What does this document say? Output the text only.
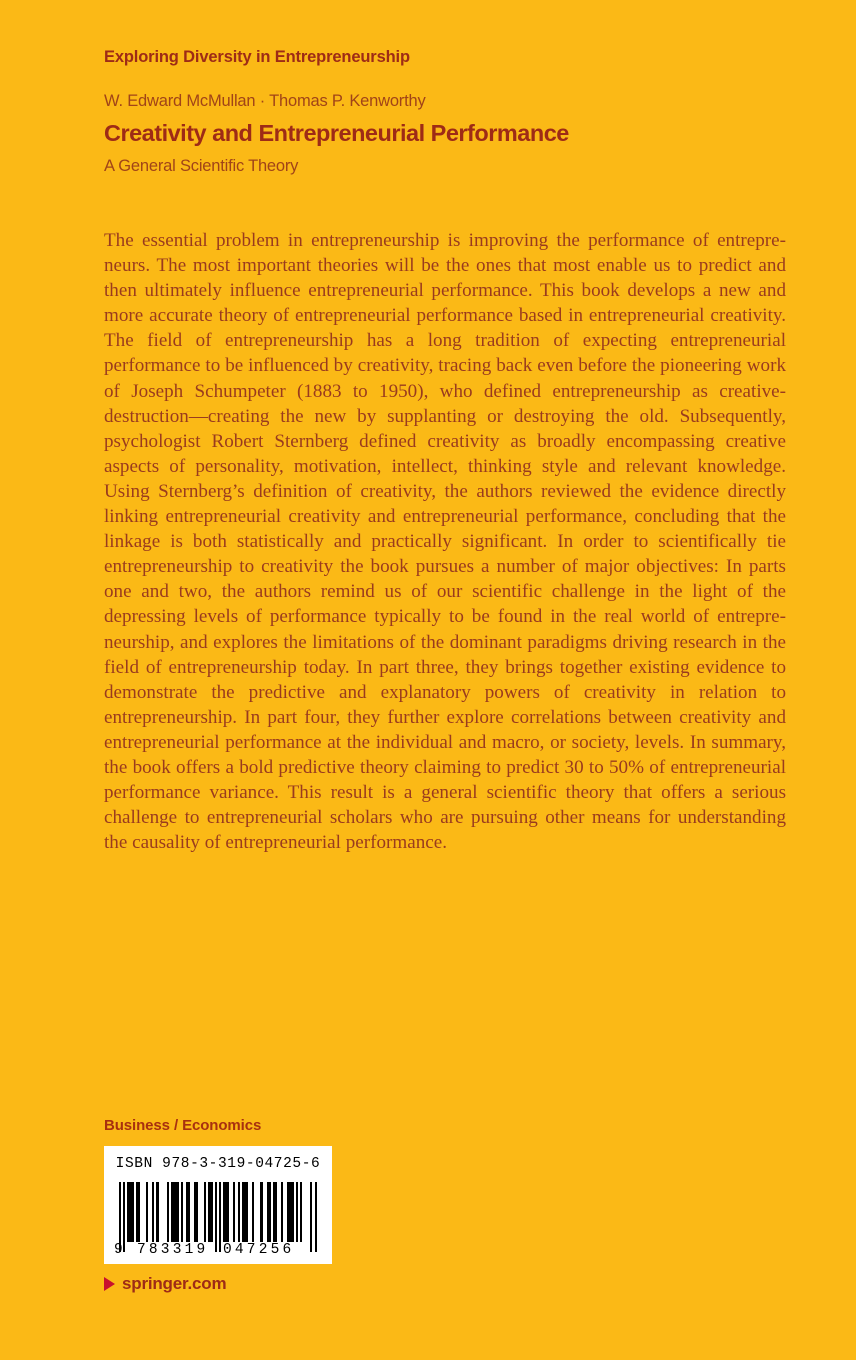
Exploring Diversity in Entrepreneurship
W. Edward McMullan · Thomas P. Kenworthy
Creativity and Entrepreneurial Performance
A General Scientific Theory
The essential problem in entrepreneurship is improving the performance of entrepreneurs. The most important theories will be the ones that most enable us to predict and then ultimately influence entrepreneurial performance. This book develops a new and more accurate theory of entrepreneurial performance based in entrepreneurial creativity. The field of entrepreneurship has a long tradition of expecting entrepreneurial performance to be influenced by creativity, tracing back even before the pioneering work of Joseph Schumpeter (1883 to 1950), who defined entrepreneurship as creative-destruction—creating the new by supplanting or destroying the old. Subsequently, psychologist Robert Sternberg defined creativity as broadly encompassing creative aspects of personality, motivation, intellect, thinking style and relevant knowledge. Using Sternberg’s definition of creativity, the authors reviewed the evidence directly linking entrepreneurial creativity and entrepreneurial performance, concluding that the linkage is both statistically and practically significant. In order to scientifically tie entrepreneurship to creativity the book pursues a number of major objectives: In parts one and two, the authors remind us of our scientific challenge in the light of the depressing levels of performance typically to be found in the real world of entrepreneurship, and explores the limitations of the dominant paradigms driving research in the field of entrepreneurship today. In part three, they brings together existing evidence to demonstrate the predictive and explanatory powers of creativity in relation to entrepreneurship. In part four, they further explore correlations between creativity and entrepreneurial performance at the individual and macro, or society, levels. In summary, the book offers a bold predictive theory claiming to predict 30 to 50% of entrepreneurial performance variance. This result is a general scientific theory that offers a serious challenge to entrepreneurial scholars who are pursuing other means for understanding the causality of entrepreneurial performance.
Business / Economics
ISBN 978-3-319-04725-6
9 783319 047256
springer.com
